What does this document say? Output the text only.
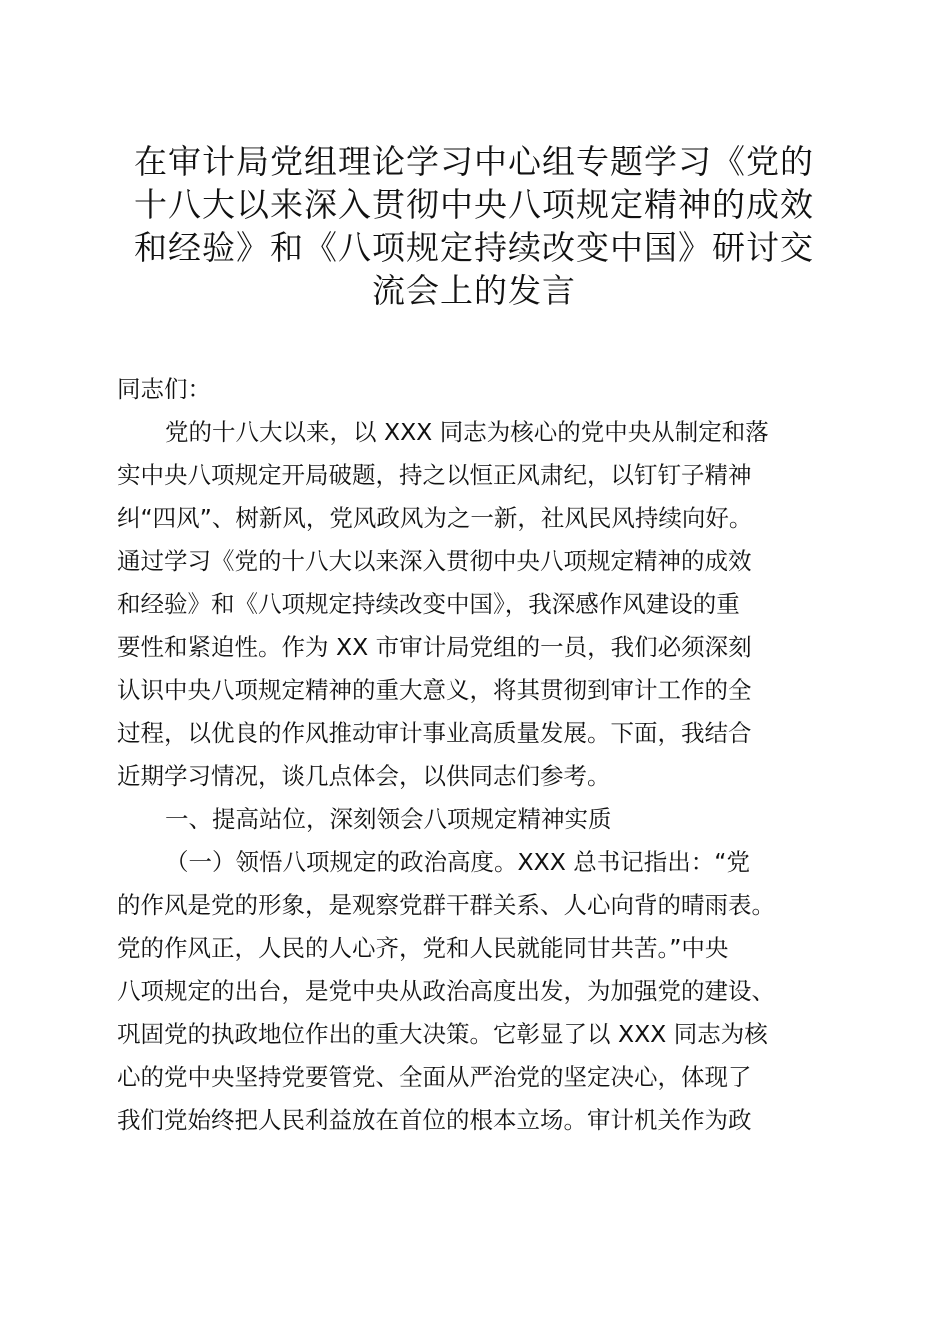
在审计局党组理论学习中心组专题学习《党的
十八大以来深入贯彻中央八项规定精神的成效
和经验》和《八项规定持续改变中国》研讨交
流会上的发言
同志们：
党的十八大以来，以 XXX 同志为核心的党中央从制定和落
实中央八项规定开局破题，持之以恒正风肃纪，以钉钉子精神
纠“四风”、树新风，党风政风为之一新，社风民风持续向好。
通过学习《党的十八大以来深入贯彻中央八项规定精神的成效
和经验》和《八项规定持续改变中国》，我深感作风建设的重
要性和紧迫性。作为 XX 市审计局党组的一员，我们必须深刻
认识中央八项规定精神的重大意义，将其贯彻到审计工作的全
过程，以优良的作风推动审计事业高质量发展。下面，我结合
近期学习情况，谈几点体会，以供同志们参考。
一、提高站位，深刻领会八项规定精神实质
（一）领悟八项规定的政治高度。XXX 总书记指出：“党
的作风是党的形象，是观察党群干群关系、人心向背的晴雨表。
党的作风正，人民的人心齐，党和人民就能同甘共苦。”中央
八项规定的出台，是党中央从政治高度出发，为加强党的建设、
巩固党的执政地位作出的重大决策。它彰显了以 XXX 同志为核
心的党中央坚持党要管党、全面从严治党的坚定决心，体现了
我们党始终把人民利益放在首位的根本立场。审计机关作为政
